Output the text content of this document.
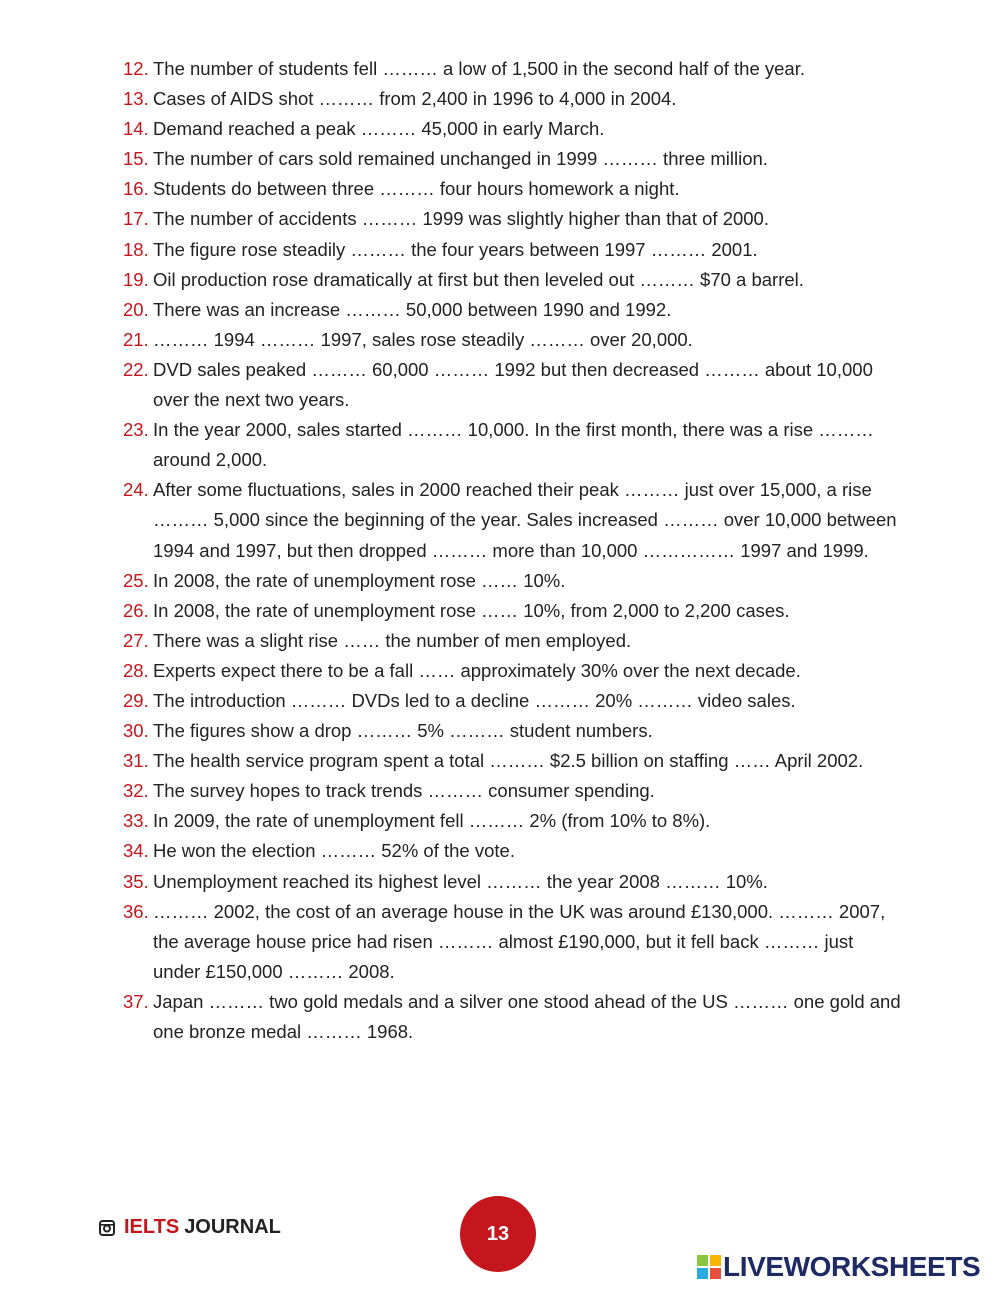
12. The number of students fell ……… a low of 1,500 in the second half of the year.
13. Cases of AIDS shot ……… from 2,400 in 1996 to 4,000 in 2004.
14. Demand reached a peak ……… 45,000 in early March.
15. The number of cars sold remained unchanged in 1999 ……… three million.
16. Students do between three ……… four hours homework a night.
17. The number of accidents ……… 1999 was slightly higher than that of 2000.
18. The figure rose steadily ……… the four years between 1997 ……… 2001.
19. Oil production rose dramatically at first but then leveled out ……… $70 a barrel.
20. There was an increase ……… 50,000 between 1990 and 1992.
21. ……… 1994 ……… 1997, sales rose steadily ……… over 20,000.
22. DVD sales peaked ……… 60,000 ……… 1992 but then decreased ……… about 10,000 over the next two years.
23. In the year 2000, sales started ……… 10,000. In the first month, there was a rise ……… around 2,000.
24. After some fluctuations, sales in 2000 reached their peak ……… just over 15,000, a rise ……… 5,000 since the beginning of the year. Sales increased ……… over 10,000 between 1994 and 1997, but then dropped ……… more than 10,000 …………… 1997 and 1999.
25. In 2008, the rate of unemployment rose …… 10%.
26. In 2008, the rate of unemployment rose …… 10%, from 2,000 to 2,200 cases.
27. There was a slight rise …… the number of men employed.
28. Experts expect there to be a fall …… approximately 30% over the next decade.
29. The introduction ……… DVDs led to a decline ……… 20% ……… video sales.
30. The figures show a drop ……… 5% ……… student numbers.
31. The health service program spent a total ……… $2.5 billion on staffing …… April 2002.
32. The survey hopes to track trends ……… consumer spending.
33. In 2009, the rate of unemployment fell ……… 2% (from 10% to 8%).
34. He won the election ……… 52% of the vote.
35. Unemployment reached its highest level ……… the year 2008 ……… 10%.
36. ……… 2002, the cost of an average house in the UK was around £130,000. ……… 2007, the average house price had risen ……… almost £190,000, but it fell back ……… just under £150,000 ……… 2008.
37. Japan ……… two gold medals and a silver one stood ahead of the US ……… one gold and one bronze medal ……… 1968.
IELTS JOURNAL	13
LIVEWORKSHEETS
